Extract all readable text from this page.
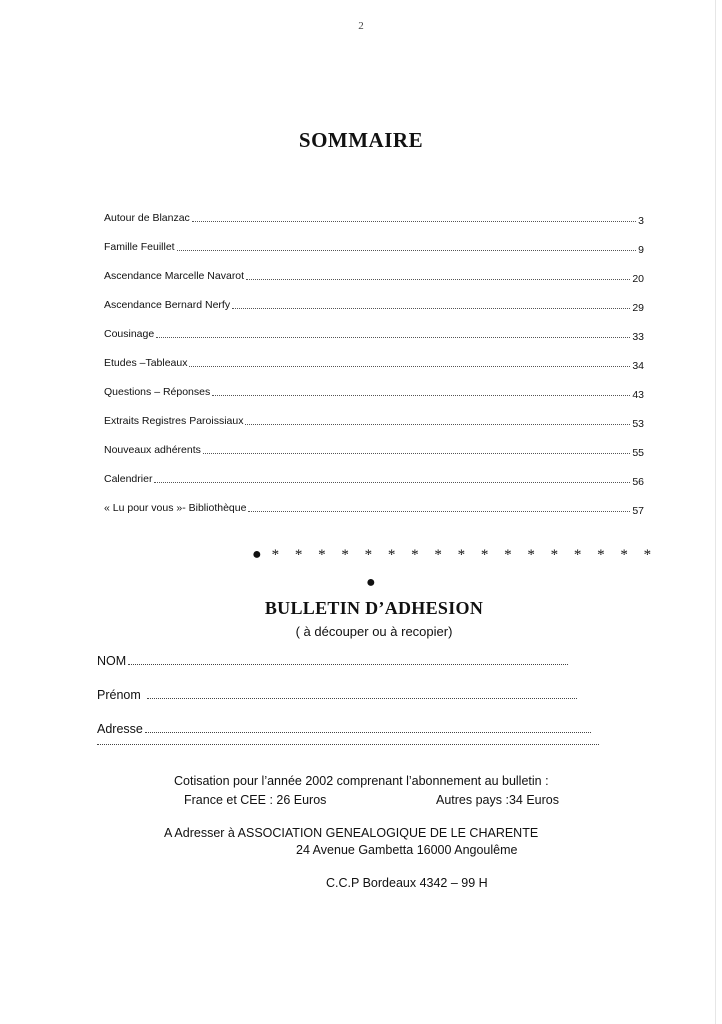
2
SOMMAIRE
Autour de Blanzac	3
Famille Feuillet	9
Ascendance Marcelle Navarot	20
Ascendance Bernard Nerfy	29
Cousinage	33
Etudes –Tableaux	34
Questions – Réponses	43
Extraits Registres Paroissiaux	53
Nouveaux adhérents	55
Calendrier	56
« Lu pour vous »- Bibliothèque	57
● * * * * * * * * * * * * * * * * *
●
BULLETIN D’ADHESION
( à découper ou à recopier)
NOM
Prénom
Adresse
Cotisation pour l’année 2002 comprenant l’abonnement au bulletin :
France et CEE : 26 Euros	Autres pays :34 Euros
A Adresser à ASSOCIATION GENEALOGIQUE DE LE CHARENTE
24 Avenue Gambetta 16000 Angoulême
C.C.P Bordeaux 4342 – 99 H
